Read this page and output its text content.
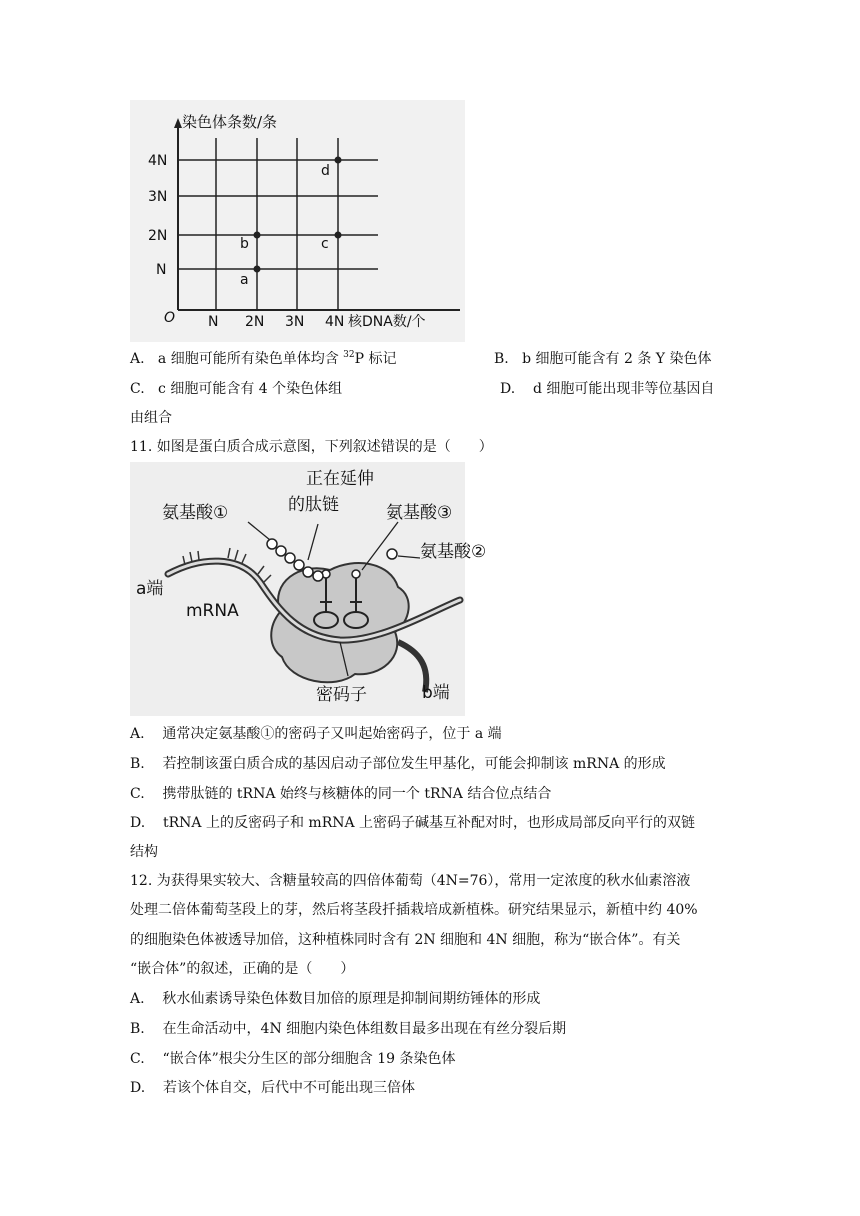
染色体条数/条
核DNA数/个
O
4N
3N
2N
N
N 2N 3N 4N
a
b	c
d
A. a 细胞可能所有染色单体均含 $^{32}$P 标记	B. b 细胞可能含有 2 条 Y 染色体
C. c 细胞可能含有 4 个染色体组	D. d 细胞可能出现非等位基因自
由组合
11. 如图是蛋白质合成示意图，下列叙述错误的是（　　）
正在延伸
的肽链
氨基酸①	氨基酸③
氨基酸②
a端
mRNA
密码子	b端
A. 通常决定氨基酸①的密码子又叫起始密码子，位于 a 端
B. 若控制该蛋白质合成的基因启动子部位发生甲基化，可能会抑制该 mRNA 的形成
C. 携带肽链的 tRNA 始终与核糖体的同一个 tRNA 结合位点结合
D. tRNA 上的反密码子和 mRNA 上密码子碱基互补配对时，也形成局部反向平行的双链
结构
12. 为获得果实较大、含糖量较高的四倍体葡萄（4N=76），常用一定浓度的秋水仙素溶液
处理二倍体葡萄茎段上的芽，然后将茎段扦插栽培成新植株。研究结果显示，新植中约 40%
的细胞染色体被透导加倍，这种植株同时含有 2N 细胞和 4N 细胞，称为“嵌合体”。有关
“嵌合体”的叙述，正确的是（　　）
A. 秋水仙素诱导染色体数目加倍的原理是抑制间期纺锤体的形成
B. 在生命活动中，4N 细胞内染色体组数目最多出现在有丝分裂后期
C. “嵌合体”根尖分生区的部分细胞含 19 条染色体
D. 若该个体自交，后代中不可能出现三倍体
